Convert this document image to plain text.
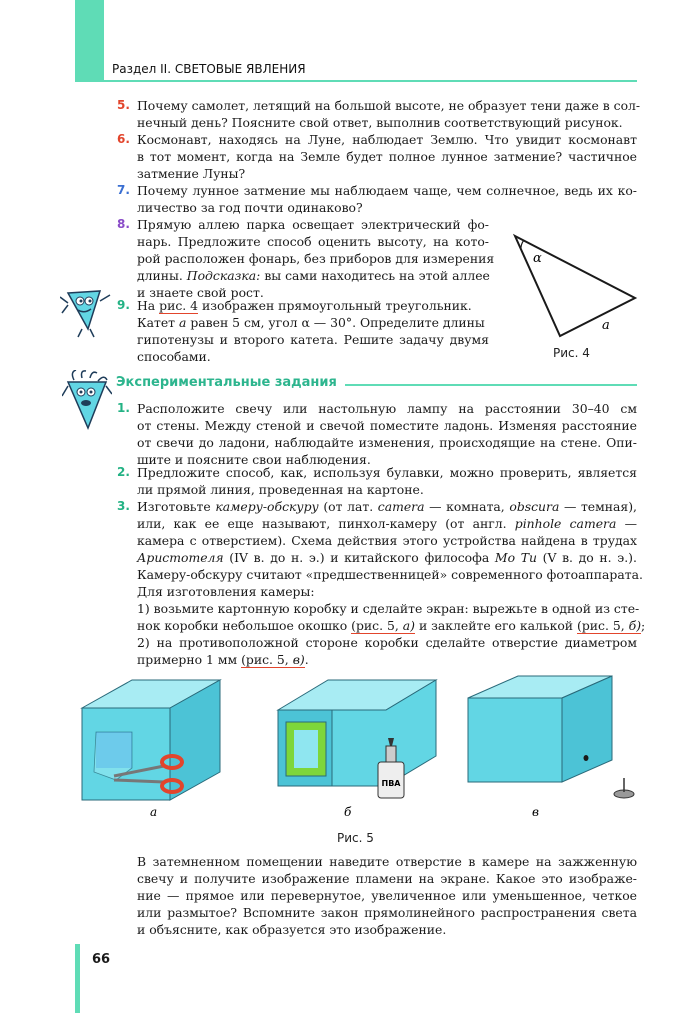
Раздел II. СВЕТОВЫЕ ЯВЛЕНИЯ
5. Почему самолет, летящий на большой высоте, не образует тени даже в сол-
нечный день? Поясните свой ответ, выполнив соответствующий рисунок.
6. Космонавт, находясь на Луне, наблюдает Землю. Что увидит космонавт
в тот момент, когда на Земле будет полное лунное затмение? частичное
затмение Луны?
7. Почему лунное затмение мы наблюдаем чаще, чем солнечное, ведь их ко-
личество за год почти одинаково?
8. Прямую аллею парка освещает электрический фо-
нарь. Предложите способ оценить высоту, на кото-
рой расположен фонарь, без приборов для измерения
длины. Подсказка: вы сами находитесь на этой аллее
и знаете свой рост.
9. На рис. 4 изображен прямоугольный треугольник.
Катет a равен 5 см, угол α — 30°. Определите длины
гипотенузы и второго катета. Решите задачу двумя
способами.
α
a
Рис. 4
Экспериментальные задания
1. Расположите свечу или настольную лампу на расстоянии 30–40 см
от стены. Между стеной и свечой поместите ладонь. Изменяя расстояние
от свечи до ладони, наблюдайте изменения, происходящие на стене. Опи-
шите и поясните свои наблюдения.
2. Предложите способ, как, используя булавки, можно проверить, является
ли прямой линия, проведенная на картоне.
3. Изготовьте камеру-обскуру (от лат. camera — комната, obscura — темная),
или, как ее еще называют, пинхол-камеру (от англ. pinhole camera —
камера с отверстием). Схема действия этого устройства найдена в трудах
Аристотеля (IV в. до н. э.) и китайского философа Мо Ти (V в. до н. э.).
Камеру-обскуру считают «предшественницей» современного фотоаппарата.
Для изготовления камеры:
1) возьмите картонную коробку и сделайте экран: вырежьте в одной из сте-
нок коробки небольшое окошко (рис. 5, а) и заклейте его калькой (рис. 5, б);
2) на противоположной стороне коробки сделайте отверстие диаметром
примерно 1 мм (рис. 5, в).
ПВА
а	б	в
Рис. 5
В затемненном помещении наведите отверстие в камере на зажженную
свечу и получите изображение пламени на экране. Какое это изображе-
ние — прямое или перевернутое, увеличенное или уменьшенное, четкое
или размытое? Вспомните закон прямолинейного распространения света
и объясните, как образуется это изображение.
66
